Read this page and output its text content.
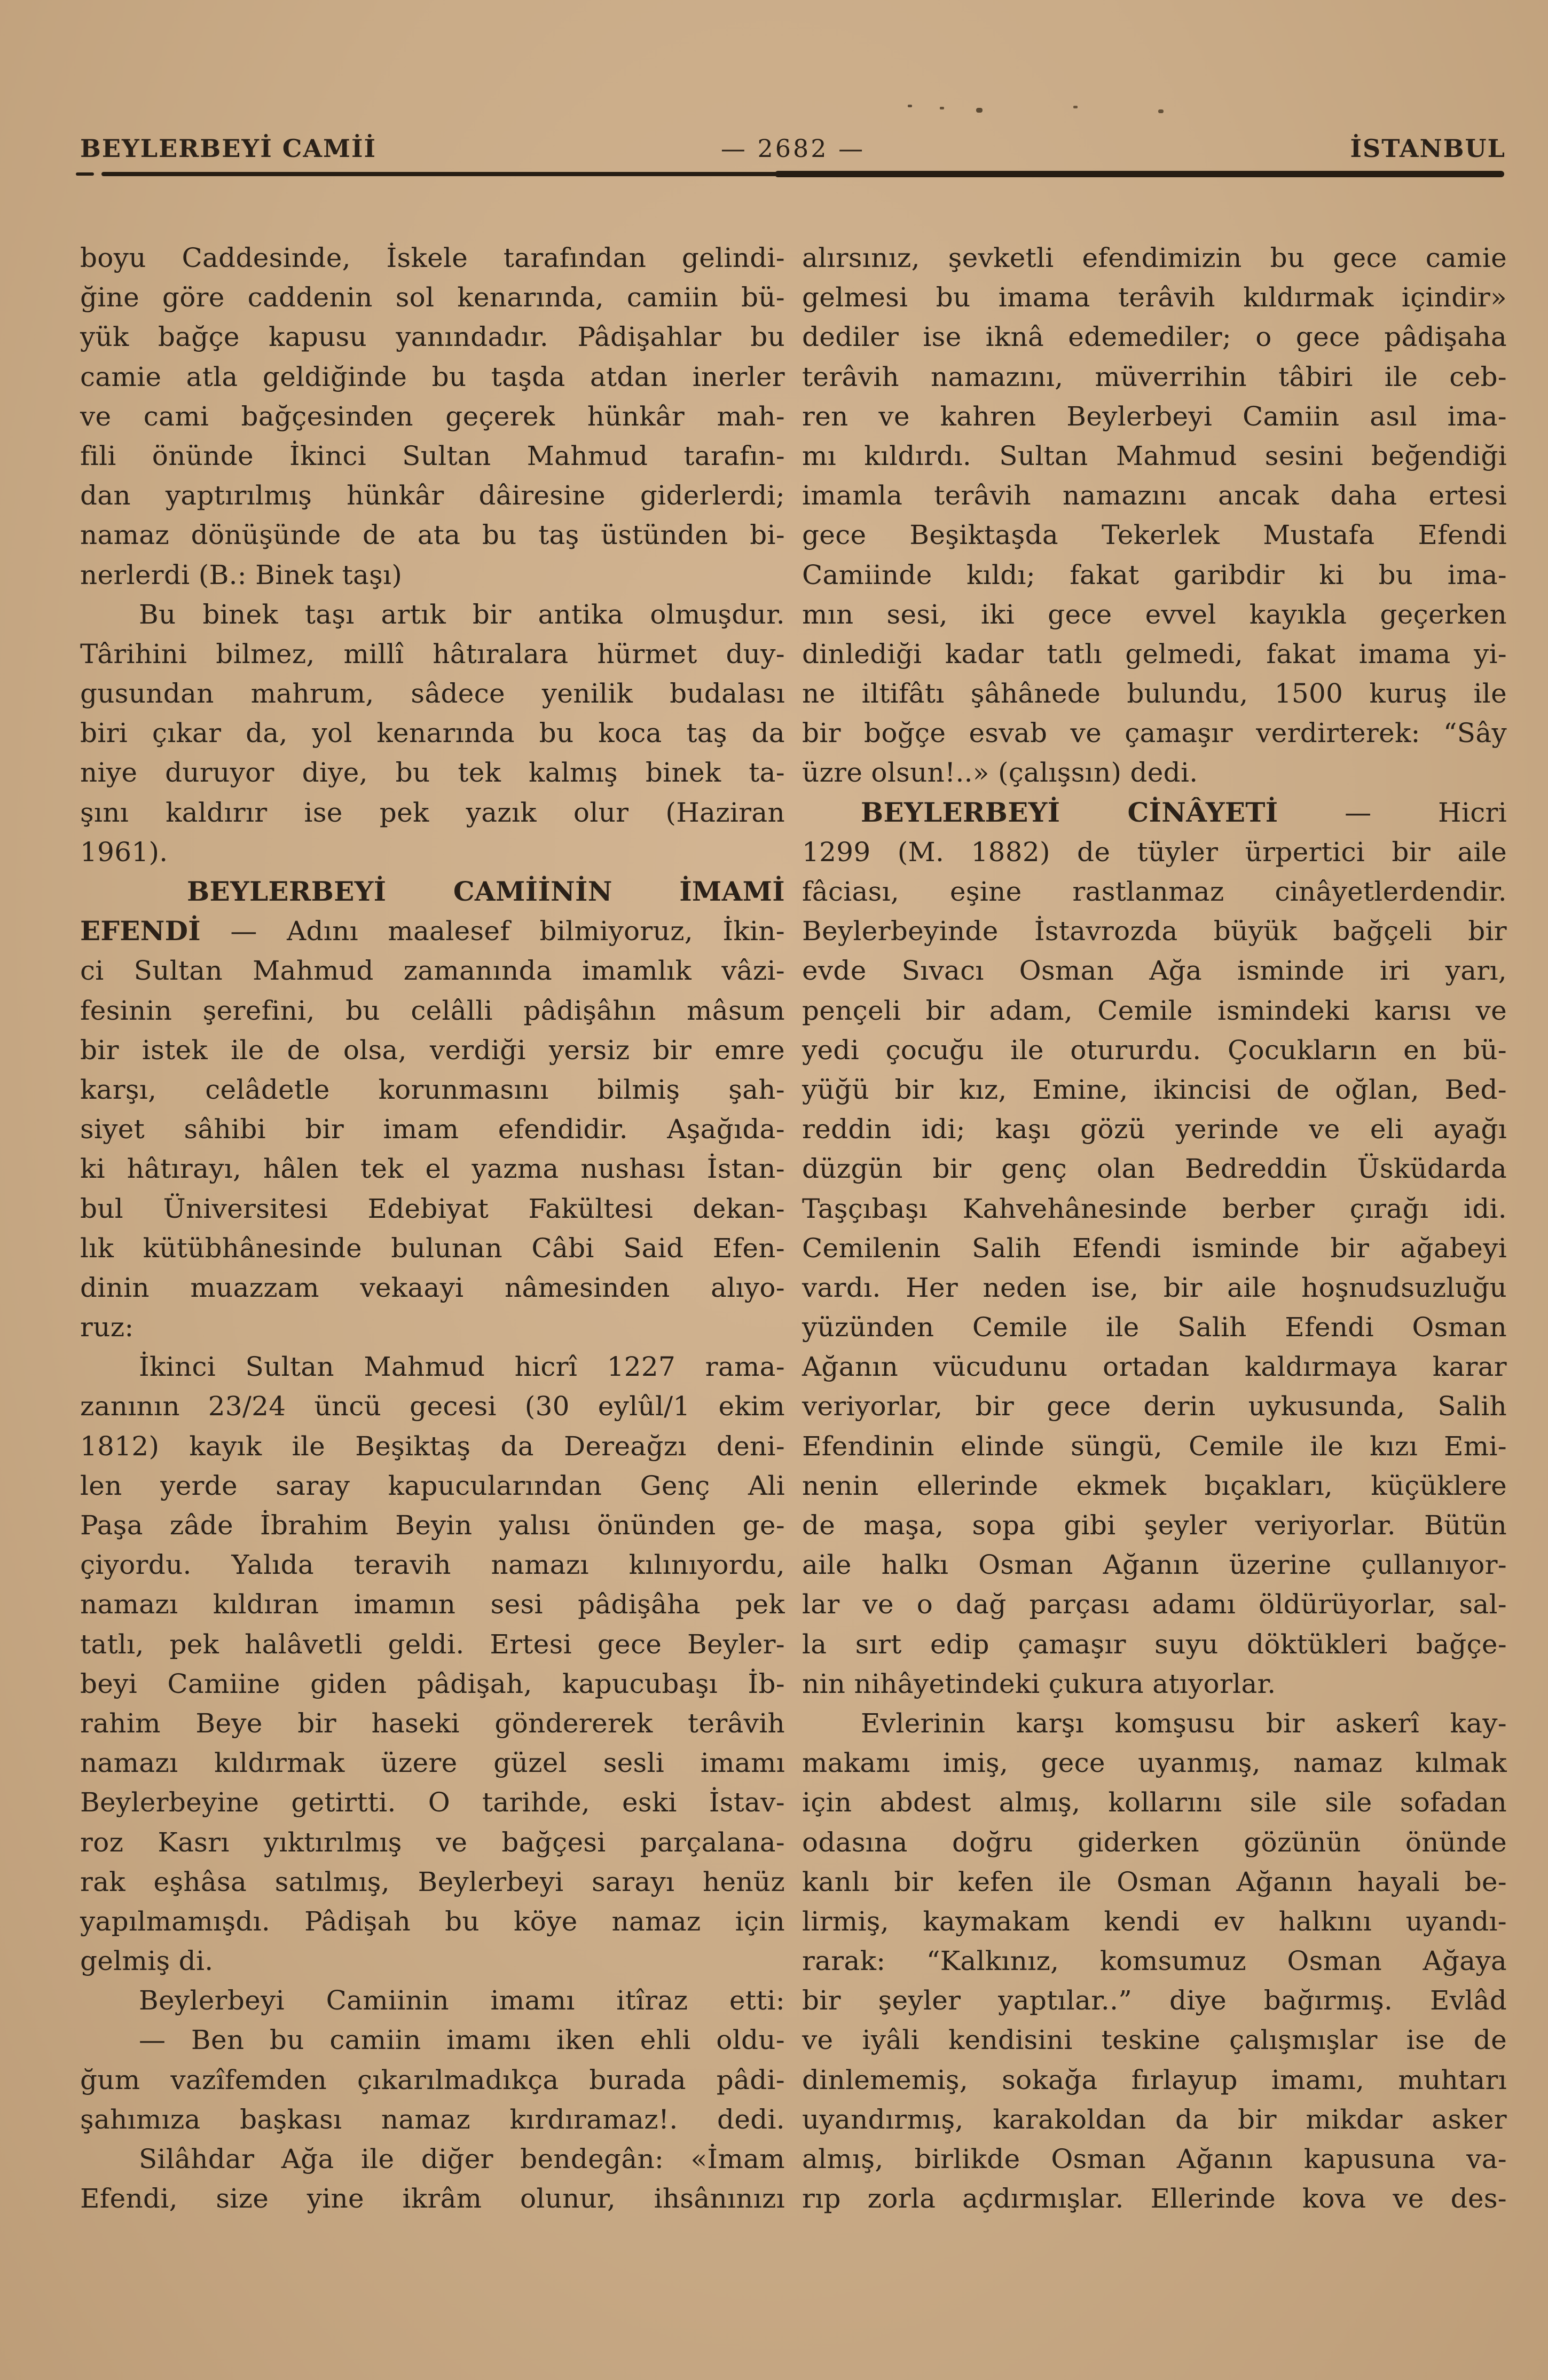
BEYLERBEYİ CAMİİ	— 2682 —	İSTANBUL
boyu Caddesinde, İskele tarafından gelindi-
ğine göre caddenin sol kenarında, camiin bü-
yük bağçe kapusu yanındadır. Pâdişahlar bu
camie atla geldiğinde bu taşda atdan inerler
ve cami bağçesinden geçerek hünkâr mah-
fili önünde İkinci Sultan Mahmud tarafın-
dan yaptırılmış hünkâr dâiresine giderlerdi;
namaz dönüşünde de ata bu taş üstünden bi-
nerlerdi (B.: Binek taşı)
Bu binek taşı artık bir antika olmuşdur.
Târihini bilmez, millî hâtıralara hürmet duy-
gusundan mahrum, sâdece yenilik budalası
biri çıkar da, yol kenarında bu koca taş da
niye duruyor diye, bu tek kalmış binek ta-
şını kaldırır ise pek yazık olur (Haziran
1961).
BEYLERBEYİ CAMİİNİN İMAMİ
EFENDİ — Adını maalesef bilmiyoruz, İkin-
ci Sultan Mahmud zamanında imamlık vâzi-
fesinin şerefini, bu celâlli pâdişâhın mâsum
bir istek ile de olsa, verdiği yersiz bir emre
karşı, celâdetle korunmasını bilmiş şah-
siyet sâhibi bir imam efendidir. Aşağıda-
ki hâtırayı, hâlen tek el yazma nushası İstan-
bul Üniversitesi Edebiyat Fakültesi dekan-
lık kütübhânesinde bulunan Câbi Said Efen-
dinin muazzam vekaayi nâmesinden alıyo-
ruz:
İkinci Sultan Mahmud hicrî 1227 rama-
zanının 23/24 üncü gecesi (30 eylûl/1 ekim
1812) kayık ile Beşiktaş da Dereağzı deni-
len yerde saray kapucularından Genç Ali
Paşa zâde İbrahim Beyin yalısı önünden ge-
çiyordu. Yalıda teravih namazı kılınıyordu,
namazı kıldıran imamın sesi pâdişâha pek
tatlı, pek halâvetli geldi. Ertesi gece Beyler-
beyi Camiine giden pâdişah, kapucubaşı İb-
rahim Beye bir haseki göndererek terâvih
namazı kıldırmak üzere güzel sesli imamı
Beylerbeyine getirtti. O tarihde, eski İstav-
roz Kasrı yıktırılmış ve bağçesi parçalana-
rak eşhâsa satılmış, Beylerbeyi sarayı henüz
yapılmamışdı. Pâdişah bu köye namaz için
gelmiş di.
Beylerbeyi Camiinin imamı itîraz etti:
— Ben bu camiin imamı iken ehli oldu-
ğum vazîfemden çıkarılmadıkça burada pâdi-
şahımıza başkası namaz kırdıramaz!. dedi.
Silâhdar Ağa ile diğer bendegân: «İmam
Efendi, size yine ikrâm olunur, ihsânınızı
alırsınız, şevketli efendimizin bu gece camie
gelmesi bu imama terâvih kıldırmak içindir»
dediler ise iknâ edemediler; o gece pâdişaha
terâvih namazını, müverrihin tâbiri ile ceb-
ren ve kahren Beylerbeyi Camiin asıl ima-
mı kıldırdı. Sultan Mahmud sesini beğendiği
imamla terâvih namazını ancak daha ertesi
gece Beşiktaşda Tekerlek Mustafa Efendi
Camiinde kıldı; fakat garibdir ki bu ima-
mın sesi, iki gece evvel kayıkla geçerken
dinlediği kadar tatlı gelmedi, fakat imama yi-
ne iltifâtı şâhânede bulundu, 1500 kuruş ile
bir boğçe esvab ve çamaşır verdirterek: “Sây
üzre olsun!..» (çalışsın) dedi.
BEYLERBEYİ CİNÂYETİ — Hicri
1299 (M. 1882) de tüyler ürpertici bir aile
fâciası, eşine rastlanmaz cinâyetlerdendir.
Beylerbeyinde İstavrozda büyük bağçeli bir
evde Sıvacı Osman Ağa isminde iri yarı,
pençeli bir adam, Cemile ismindeki karısı ve
yedi çocuğu ile otururdu. Çocukların en bü-
yüğü bir kız, Emine, ikincisi de oğlan, Bed-
reddin idi; kaşı gözü yerinde ve eli ayağı
düzgün bir genç olan Bedreddin Üsküdarda
Taşçıbaşı Kahvehânesinde berber çırağı idi.
Cemilenin Salih Efendi isminde bir ağabeyi
vardı. Her neden ise, bir aile hoşnudsuzluğu
yüzünden Cemile ile Salih Efendi Osman
Ağanın vücudunu ortadan kaldırmaya karar
veriyorlar, bir gece derin uykusunda, Salih
Efendinin elinde süngü, Cemile ile kızı Emi-
nenin ellerinde ekmek bıçakları, küçüklere
de maşa, sopa gibi şeyler veriyorlar. Bütün
aile halkı Osman Ağanın üzerine çullanıyor-
lar ve o dağ parçası adamı öldürüyorlar, sal-
la sırt edip çamaşır suyu döktükleri bağçe-
nin nihâyetindeki çukura atıyorlar.
Evlerinin karşı komşusu bir askerî kay-
makamı imiş, gece uyanmış, namaz kılmak
için abdest almış, kollarını sile sile sofadan
odasına doğru giderken gözünün önünde
kanlı bir kefen ile Osman Ağanın hayali be-
lirmiş, kaymakam kendi ev halkını uyandı-
rarak: “Kalkınız, komsumuz Osman Ağaya
bir şeyler yaptılar..” diye bağırmış. Evlâd
ve iyâli kendisini teskine çalışmışlar ise de
dinlememiş, sokağa fırlayup imamı, muhtarı
uyandırmış, karakoldan da bir mikdar asker
almış, birlikde Osman Ağanın kapusuna va-
rıp zorla açdırmışlar. Ellerinde kova ve des-
